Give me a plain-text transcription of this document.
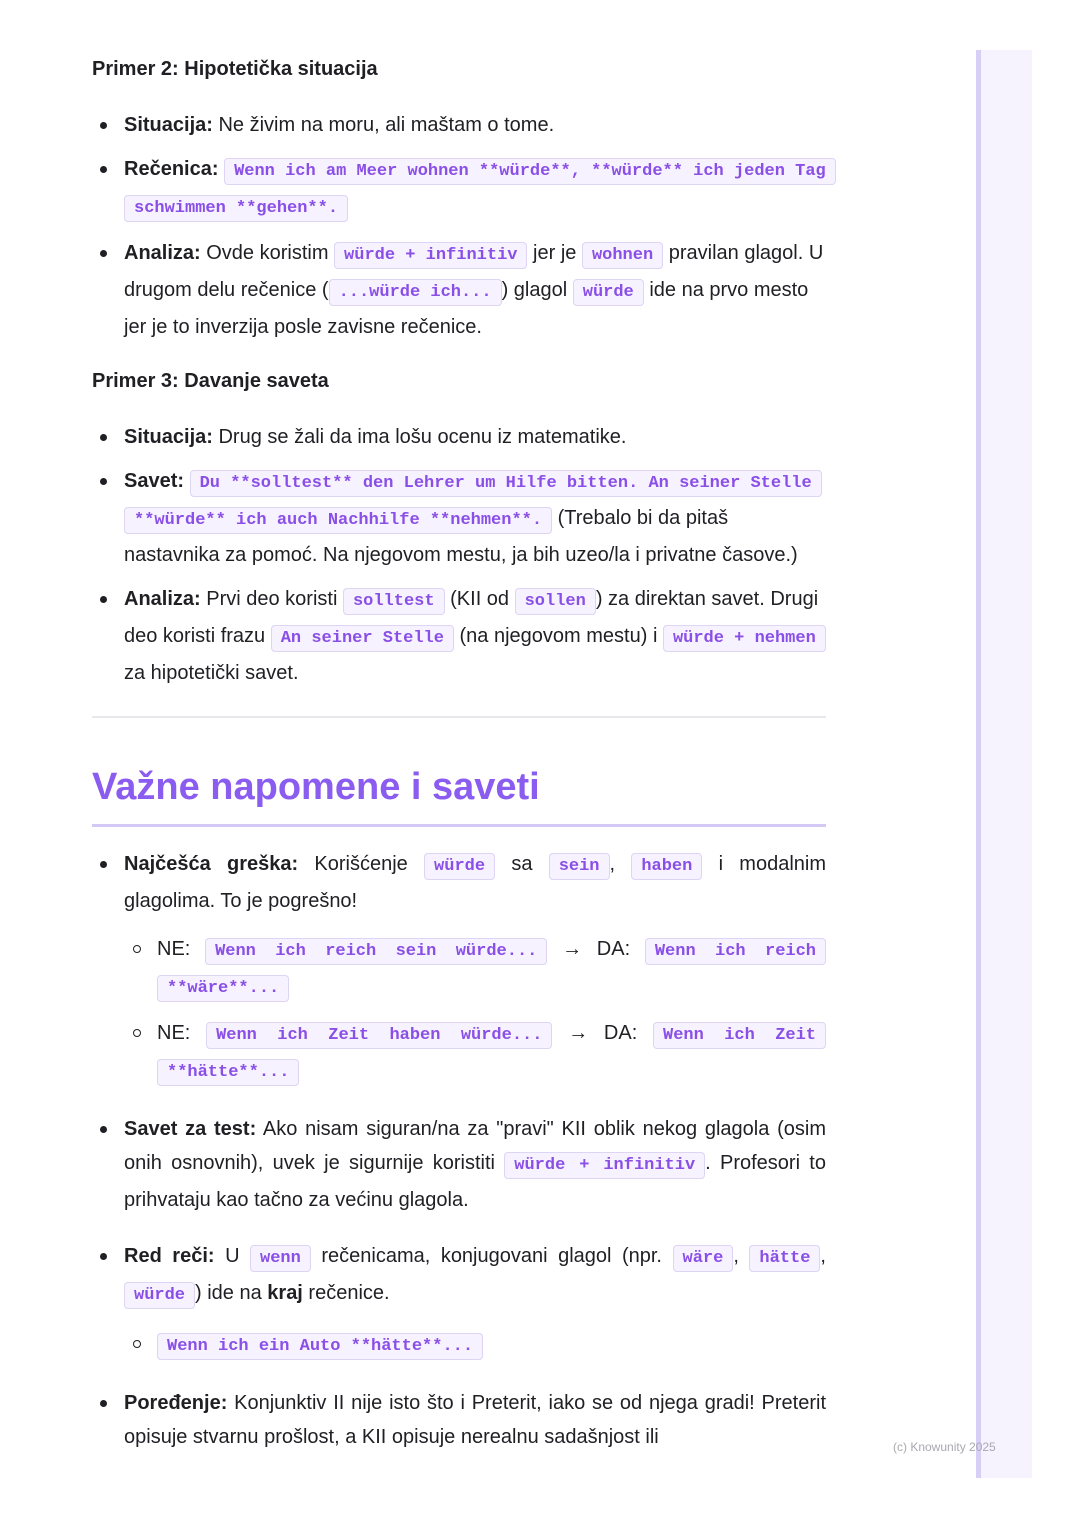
Primer 2: Hipotetička situacija
Situacija: Ne živim na moru, ali maštam o tome.
Rečenica: Wenn ich am Meer wohnen **würde**, **würde** ich jeden Tag schwimmen **gehen**.
Analiza: Ovde koristim würde + infinitiv jer je wohnen pravilan glagol. U drugom delu rečenice ( ...würde ich... ) glagol würde ide na prvo mesto jer je to inverzija posle zavisne rečenice.
Primer 3: Davanje saveta
Situacija: Drug se žali da ima lošu ocenu iz matematike.
Savet: Du **solltest** den Lehrer um Hilfe bitten. An seiner Stelle **würde** ich auch Nachhilfe **nehmen**. (Trebalo bi da pitaš nastavnika za pomoć. Na njegovom mestu, ja bih uzeo/la i privatne časove.)
Analiza: Prvi deo koristi solltest (KII od sollen ) za direktan savet. Drugi deo koristi frazu An seiner Stelle (na njegovom mestu) i würde + nehmen za hipotetički savet.
Važne napomene i saveti
Najčešća greška: Korišćenje würde sa sein , haben i modalnim glagolima. To je pogrešno!
NE: Wenn ich reich sein würde... → DA: Wenn ich reich **wäre**...
NE: Wenn ich Zeit haben würde... → DA: Wenn ich Zeit **hätte**...
Savet za test: Ako nisam siguran/na za "pravi" KII oblik nekog glagola (osim onih osnovnih), uvek je sigurnije koristiti würde + infinitiv . Profesori to prihvataju kao tačno za većinu glagola.
Red reči: U wenn rečenicama, konjugovani glagol (npr. wäre , hätte , würde ) ide na kraj rečenice.
Wenn ich ein Auto **hätte**...
Poređenje: Konjunktiv II nije isto što i Preterit, iako se od njega gradi! Preterit opisuje stvarnu prošlost, a KII opisuje nerealnu sadašnjost ili	(c) Knowunity 2025
